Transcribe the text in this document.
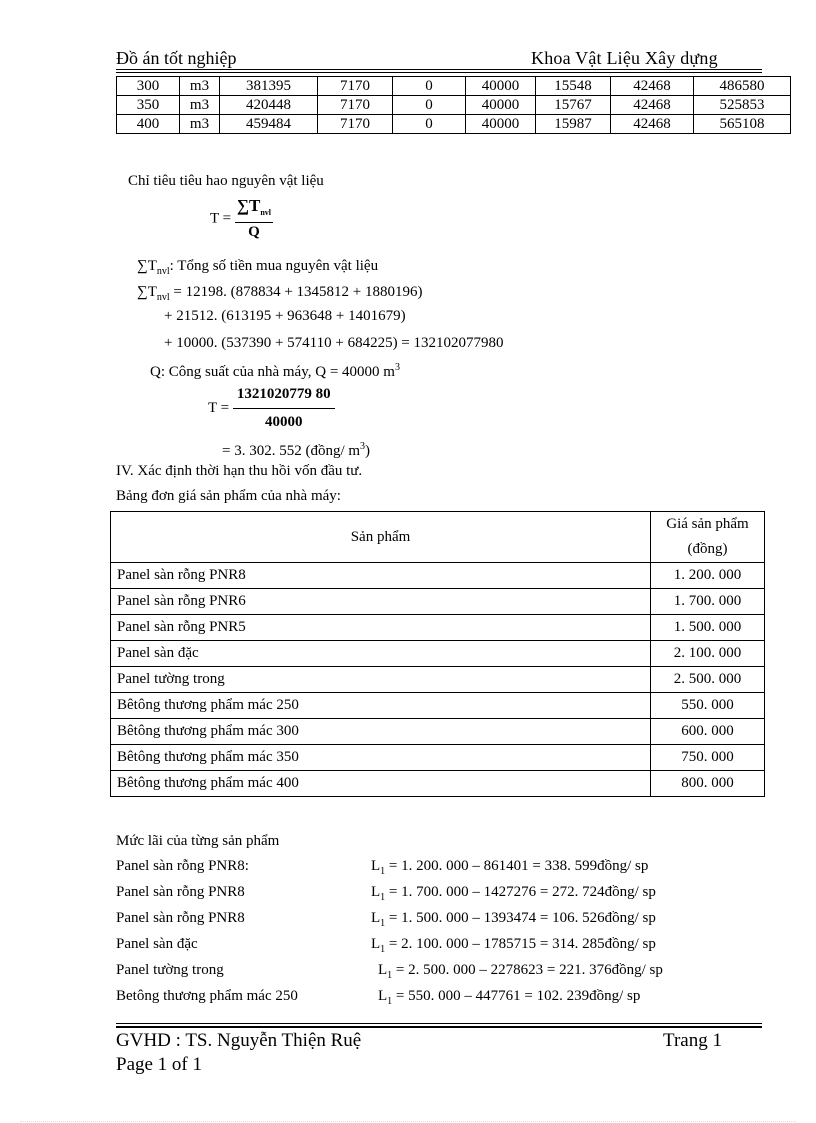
Đồ án tốt nghiệp	Khoa Vật Liệu Xây dựng
300	m3	381395	7170	0	40000	15548	42468	486580
350	m3	420448	7170	0	40000	15767	42468	525853
400	m3	459484	7170	0	40000	15987	42468	565108
Chỉ tiêu tiêu hao nguyên vật liệu
$T = \frac{\sum T_{nvl}}{Q}$
$\sum T_{nvl}$: Tổng số tiền mua nguyên vật liệu
$\sum T_{nvl} = 12198$. (878834 + 1345812 + 1880196)
+ 21512. (613195 + 963648 + 1401679)
+ 10000. (537390 + 574110 + 684225) = 132102077980
Q: Công suất của nhà máy, Q = 40000 $m^3$
$T = \frac{1321020779 80}{40000}$
= 3. 302. 552 (đồng/ $m^3$)
IV. Xác định thời hạn thu hồi vốn đầu tư.
Bảng đơn giá sản phẩm của nhà máy:
Sản phẩm	Giá sản phẩm
(đồng)

Panel sàn rỗng PNR8	1. 200. 000
Panel sàn rỗng PNR6	1. 700. 000
Panel sàn rỗng PNR5	1. 500. 000
Panel sàn đặc	2. 100. 000
Panel tường trong	2. 500. 000
Bêtông thương phẩm mác 250	550. 000
Bêtông thương phẩm mác 300	600. 000
Bêtông thương phẩm mác 350	750. 000
Bêtông thương phẩm mác 400	800. 000
Mức lãi của từng sản phẩm
Panel sàn rỗng PNR8:	$L_1 = 1$. 200. 000 – 861401 = 338. 599đồng/ sp
Panel sàn rỗng PNR8	$L_1 = 1$. 700. 000 – 1427276 = 272. 724đồng/ sp
Panel sàn rỗng PNR8	$L_1 = 1$. 500. 000 – 1393474 = 106. 526đồng/ sp
Panel sàn đặc	$L_1 = 2$. 100. 000 – 1785715 = 314. 285đồng/ sp
Panel tường trong	$L_1 = 2$. 500. 000 – 2278623 = 221. 376đồng/ sp
Betông thương phẩm mác 250	$L_1 = 550$. 000 – 447761 = 102. 239đồng/ sp
GVHD : TS. Nguyễn Thiện Ruệ	Trang 1
Page 1 of 1
